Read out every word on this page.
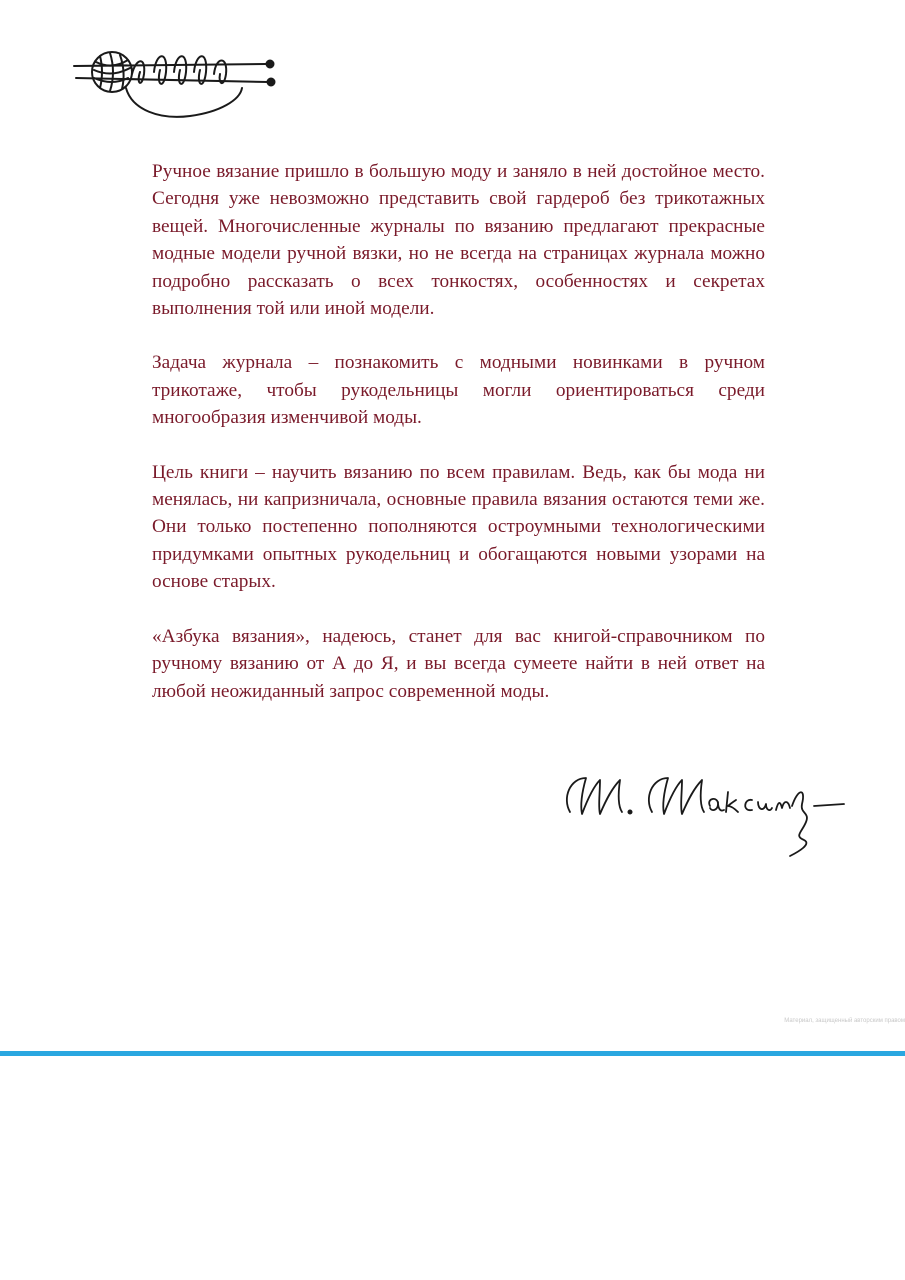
Ручное вязание пришло в большую моду и заняло в ней достойное место. Сегодня уже невозможно представить свой гардероб без трикотажных вещей. Многочисленные журналы по вязанию предлагают прекрасные модные модели ручной вязки, но не всегда на страницах журнала можно подробно рассказать о всех тонкостях, особенностях и секретах выполнения той или иной модели.

Задача журнала – познакомить с модными новинками в ручном трикотаже, чтобы рукодельницы могли ориентироваться среди многообразия изменчивой моды.

Цель книги – научить вязанию по всем правилам. Ведь, как бы мода ни менялась, ни капризничала, основные правила вязания остаются теми же. Они только постепенно пополняются остроумными технологическими придумками опытных рукодельниц и обогащаются новыми узорами на основе старых.

«Азбука вязания», надеюсь, станет для вас книгой-справочником по ручному вязанию от А до Я, и вы всегда сумеете найти в ней ответ на любой неожиданный запрос современной моды.

Материал, защищенный авторским правом
